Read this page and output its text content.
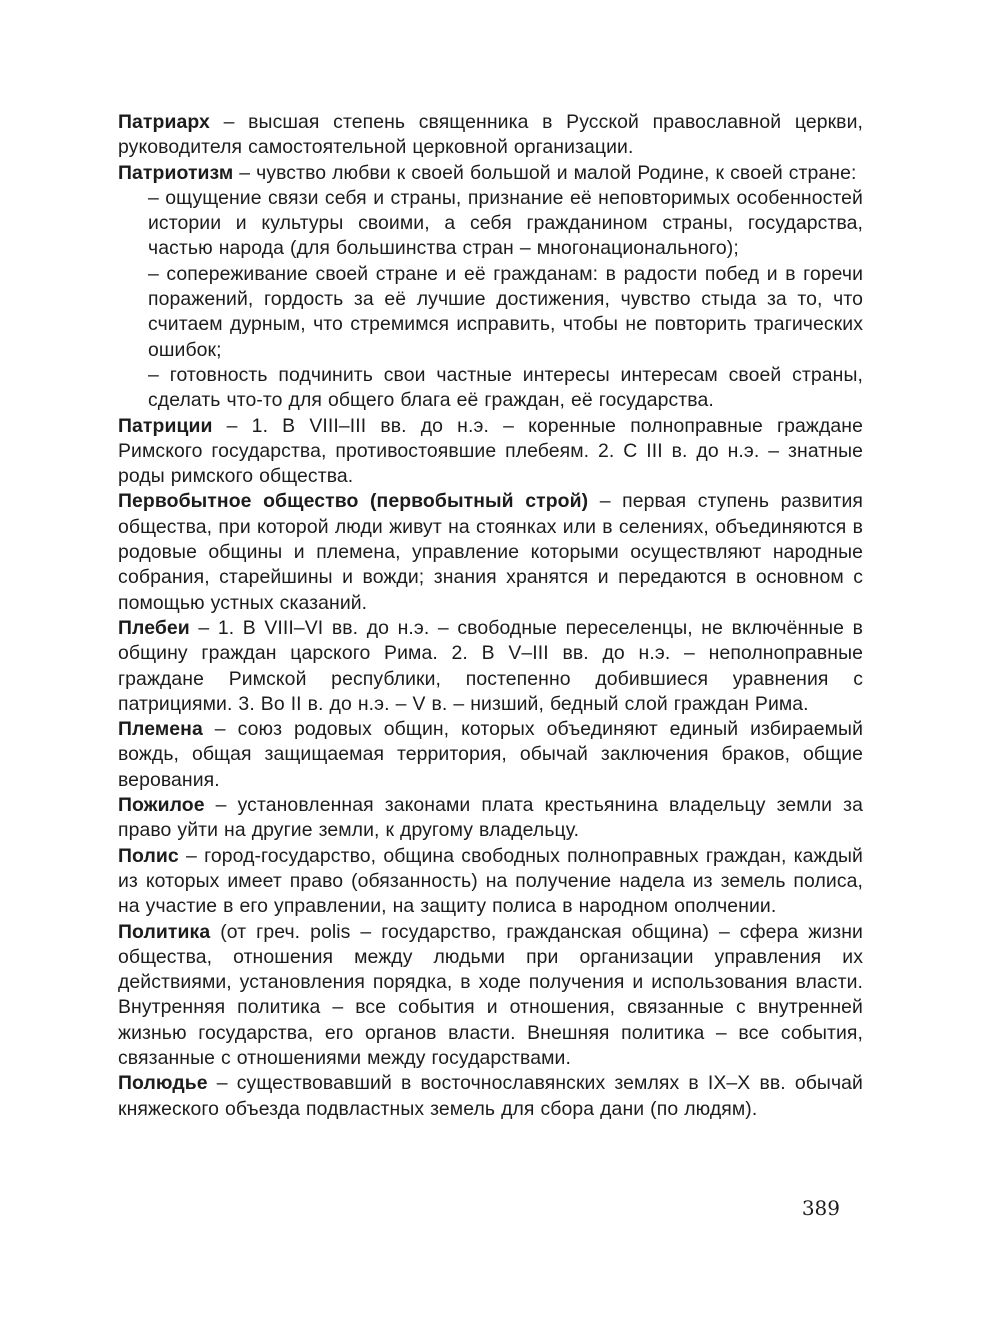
Патриарх – высшая степень священника в Русской православной церкви, руководителя самостоятельной церковной организации.

Патриотизм – чувство любви к своей большой и малой Родине, к своей стране:

– ощущение связи себя и страны, признание её неповторимых особенностей истории и культуры своими, а себя гражданином страны, государства, частью народа (для большинства стран – многонационального);

– сопереживание своей стране и её гражданам: в радости побед и в горечи поражений, гордость за её лучшие достижения, чувство стыда за то, что считаем дурным, что стремимся исправить, чтобы не повторить трагических ошибок;

– готовность подчинить свои частные интересы интересам своей страны, сделать что-то для общего блага её граждан, её государства.

Патриции – 1. В VIII–III вв. до н.э. – коренные полноправные граждане Римского государства, противостоявшие плебеям. 2. С III в. до н.э. – знатные роды римского общества.

Первобытное общество (первобытный строй) – первая ступень развития общества, при которой люди живут на стоянках или в селениях, объединяются в родовые общины и племена, управление которыми осуществляют народные собрания, старейшины и вожди; знания хранятся и передаются в основном с помощью устных сказаний.

Плебеи – 1. В VIII–VI вв. до н.э. – свободные переселенцы, не включённые в общину граждан царского Рима. 2. В V–III вв. до н.э. – неполноправные граждане Римской республики, постепенно добившиеся уравнения с патрициями. 3. Во II в. до н.э. – V в. – низший, бедный слой граждан Рима.

Племена – союз родовых общин, которых объединяют единый избираемый вождь, общая защищаемая территория, обычай заключения браков, общие верования.

Пожилое – установленная законами плата крестьянина владельцу земли за право уйти на другие земли, к другому владельцу.

Полис – город-государство, община свободных полноправных граждан, каждый из которых имеет право (обязанность) на получение надела из земель полиса, на участие в его управлении, на защиту полиса в народном ополчении.

Политика (от греч. polis – государство, гражданская община) – сфера жизни общества, отношения между людьми при организации управления их действиями, установления порядка, в ходе получения и использования власти. Внутренняя политика – все события и отношения, связанные с внутренней жизнью государства, его органов власти. Внешняя политика – все события, связанные с отношениями между государствами.

Полюдье – существовавший в восточнославянских землях в IX–X вв. обычай княжеского объезда подвластных земель для сбора дани (по людям).

389
